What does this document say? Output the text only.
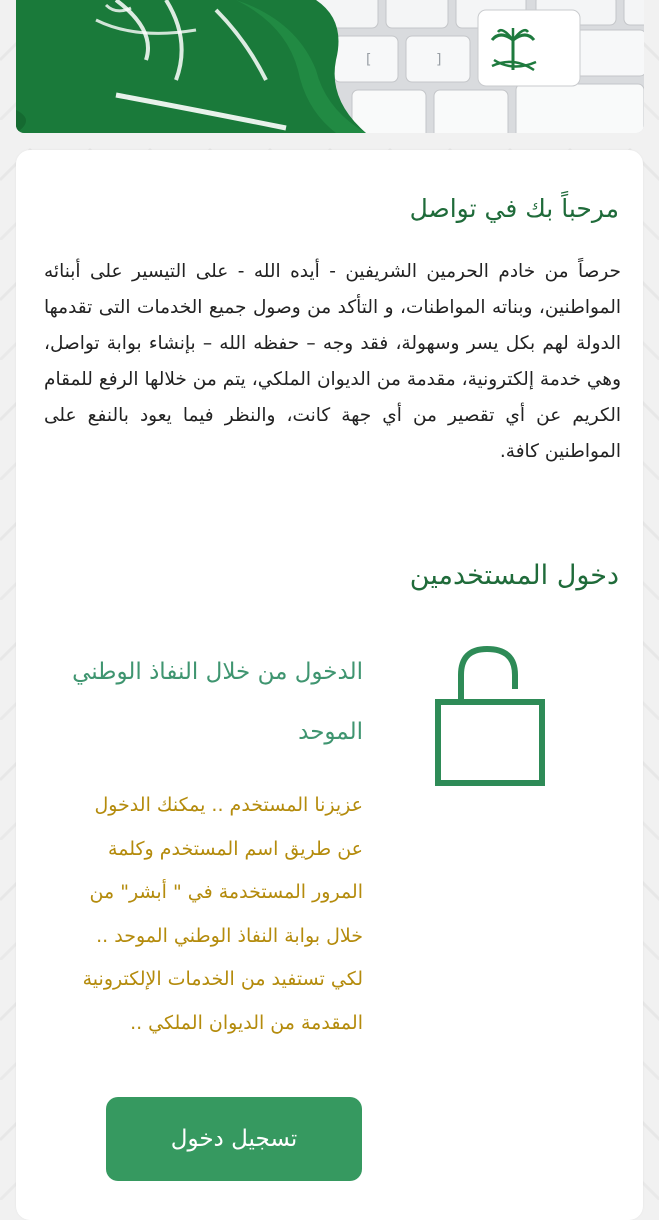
[	]
مرحباً بك في تواصل

حرصاً من خادم الحرمين الشريفين - أيده الله - على التيسير على أبنائه المواطنين، وبناته المواطنات، و التأكد من وصول جميع الخدمات التى تقدمها الدولة لهم بكل يسر وسهولة، فقد وجه – حفظه الله – بإنشاء بوابة تواصل، وهي خدمة إلكترونية، مقدمة من الديوان الملكي، يتم من خلالها الرفع للمقام الكريم عن أي تقصير من أي جهة كانت، والنظر فيما يعود بالنفع على المواطنين كافة.

دخول المستخدمين
الدخول من خلال النفاذ الوطني الموحد

عزيزنا المستخدم .. يمكنك الدخول عن طريق اسم المستخدم وكلمة المرور المستخدمة في " أبشر" من خلال بوابة النفاذ الوطني الموحد .. لكي تستفيد من الخدمات الإلكترونية المقدمة من الديوان الملكي ..

تسجيل دخول
